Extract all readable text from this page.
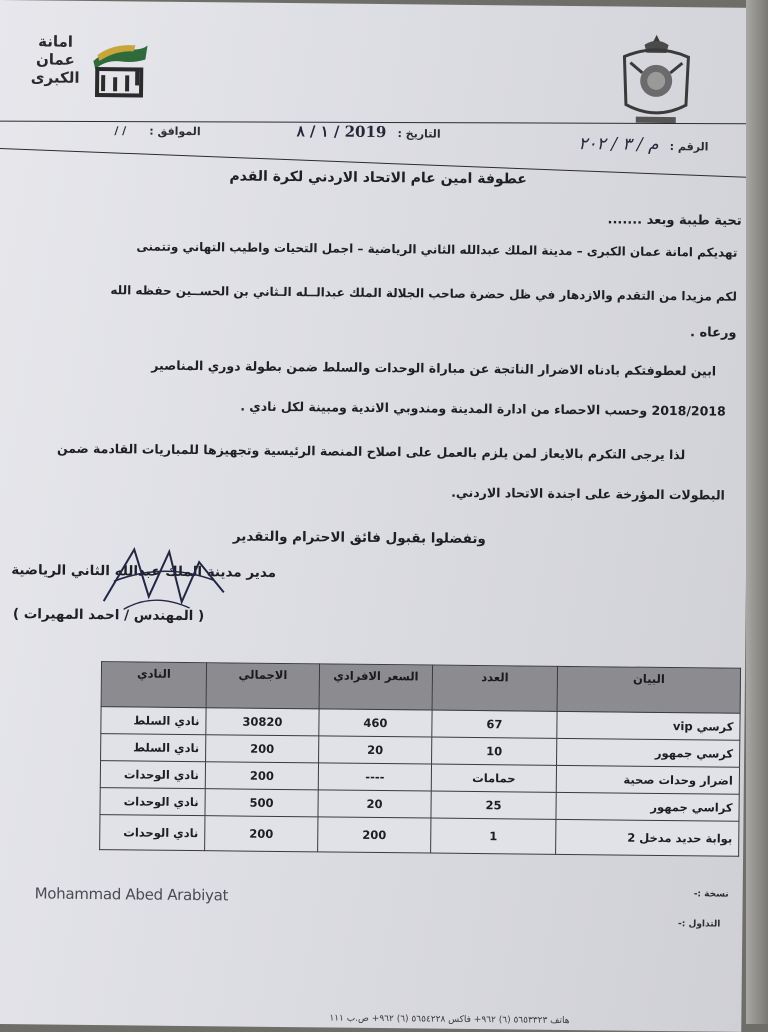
امانة عمان الكبرى
الرقم : م / ٣ / ٢٠٢
التاريخ : 2019 / ١ / ٨
الموافق : / /

عطوفة امين عام الاتحاد الاردني لكرة القدم

تحية طيبة وبعد .......

تهديكم امانة عمان الكبرى – مدينة الملك عبدالله الثاني الرياضية – اجمل التحيات واطيب التهاني وتتمنى

لكم مزيدا من التقدم والازدهار في ظل حضرة صاحب الجلالة الملك عبدالــله الـثاني بن الحســين حفظه الله

ورعاه .

ابين لعطوفتكم بادناه الاضرار الناتجة عن مباراة الوحدات والسلط ضمن بطولة دوري المناصير

2018/2018 وحسب الاحصاء من ادارة المدينة ومندوبي الاندية ومبينة لكل نادي .

لذا يرجى التكرم بالايعاز لمن يلزم بالعمل على اصلاح المنصة الرئيسية وتجهيزها للمباريات القادمة ضمن

البطولات المؤرخة على اجندة الاتحاد الاردني.

وتفضلوا بقبول فائق الاحترام والتقدير

مدير مدينة الملك عبدالله الثاني الرياضية

( المهندس / احمد المهيرات )

البيان	العدد	السعر الافرادي	الاجمالي	النادي
كرسي vip	67	460	30820	نادي السلط
كرسي جمهور	10	20	200	نادي السلط
اضرار وحدات صحية	حمامات	----	200	نادي الوحدات
كراسي جمهور	25	20	500	نادي الوحدات
بوابة حديد مدخل 2	1	200	200	نادي الوحدات
Mohammad Abed Arabiyat	نسخة :-
التداول :-
هاتف ٥٦٥٣٣٢٣ (٦) ٩٦٢+ فاكس ٥٦٥٤٢٢٨ (٦) ٩٦٢+ ص.ب ١١١
